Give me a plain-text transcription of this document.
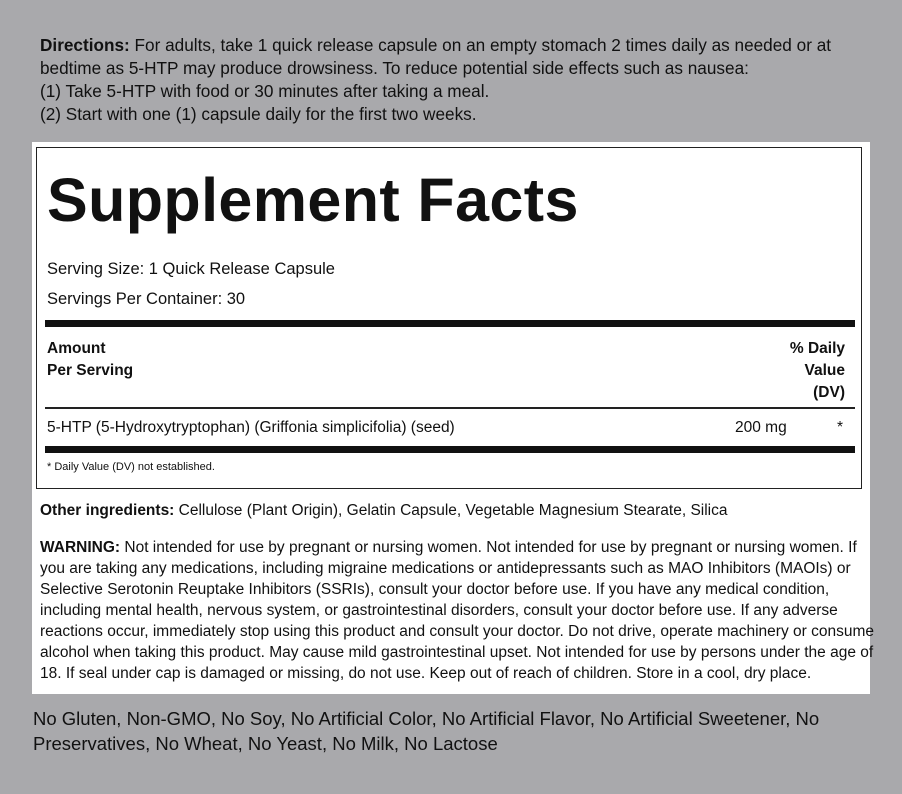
Directions: For adults, take 1 quick release capsule on an empty stomach 2 times daily as needed or at
bedtime as 5-HTP may produce drowsiness. To reduce potential side effects such as nausea:
(1) Take 5-HTP with food or 30 minutes after taking a meal.
(2) Start with one (1) capsule daily for the first two weeks.
Supplement Facts
Serving Size: 1 Quick Release Capsule
Servings Per Container: 30
Amount
Per Serving
% Daily
Value
(DV)
5-HTP (5-Hydroxytryptophan) (Griffonia simplicifolia) (seed)	200 mg	*
* Daily Value (DV) not established.
Other ingredients: Cellulose (Plant Origin), Gelatin Capsule, Vegetable Magnesium Stearate, Silica
WARNING: Not intended for use by pregnant or nursing women. Not intended for use by pregnant or nursing women. If
you are taking any medications, including migraine medications or antidepressants such as MAO Inhibitors (MAOIs) or
Selective Serotonin Reuptake Inhibitors (SSRIs), consult your doctor before use. If you have any medical condition,
including mental health, nervous system, or gastrointestinal disorders, consult your doctor before use. If any adverse
reactions occur, immediately stop using this product and consult your doctor. Do not drive, operate machinery or consume
alcohol when taking this product. May cause mild gastrointestinal upset. Not intended for use by persons under the age of
18. If seal under cap is damaged or missing, do not use. Keep out of reach of children. Store in a cool, dry place.
No Gluten, Non-GMO, No Soy, No Artificial Color, No Artificial Flavor, No Artificial Sweetener, No
Preservatives, No Wheat, No Yeast, No Milk, No Lactose
